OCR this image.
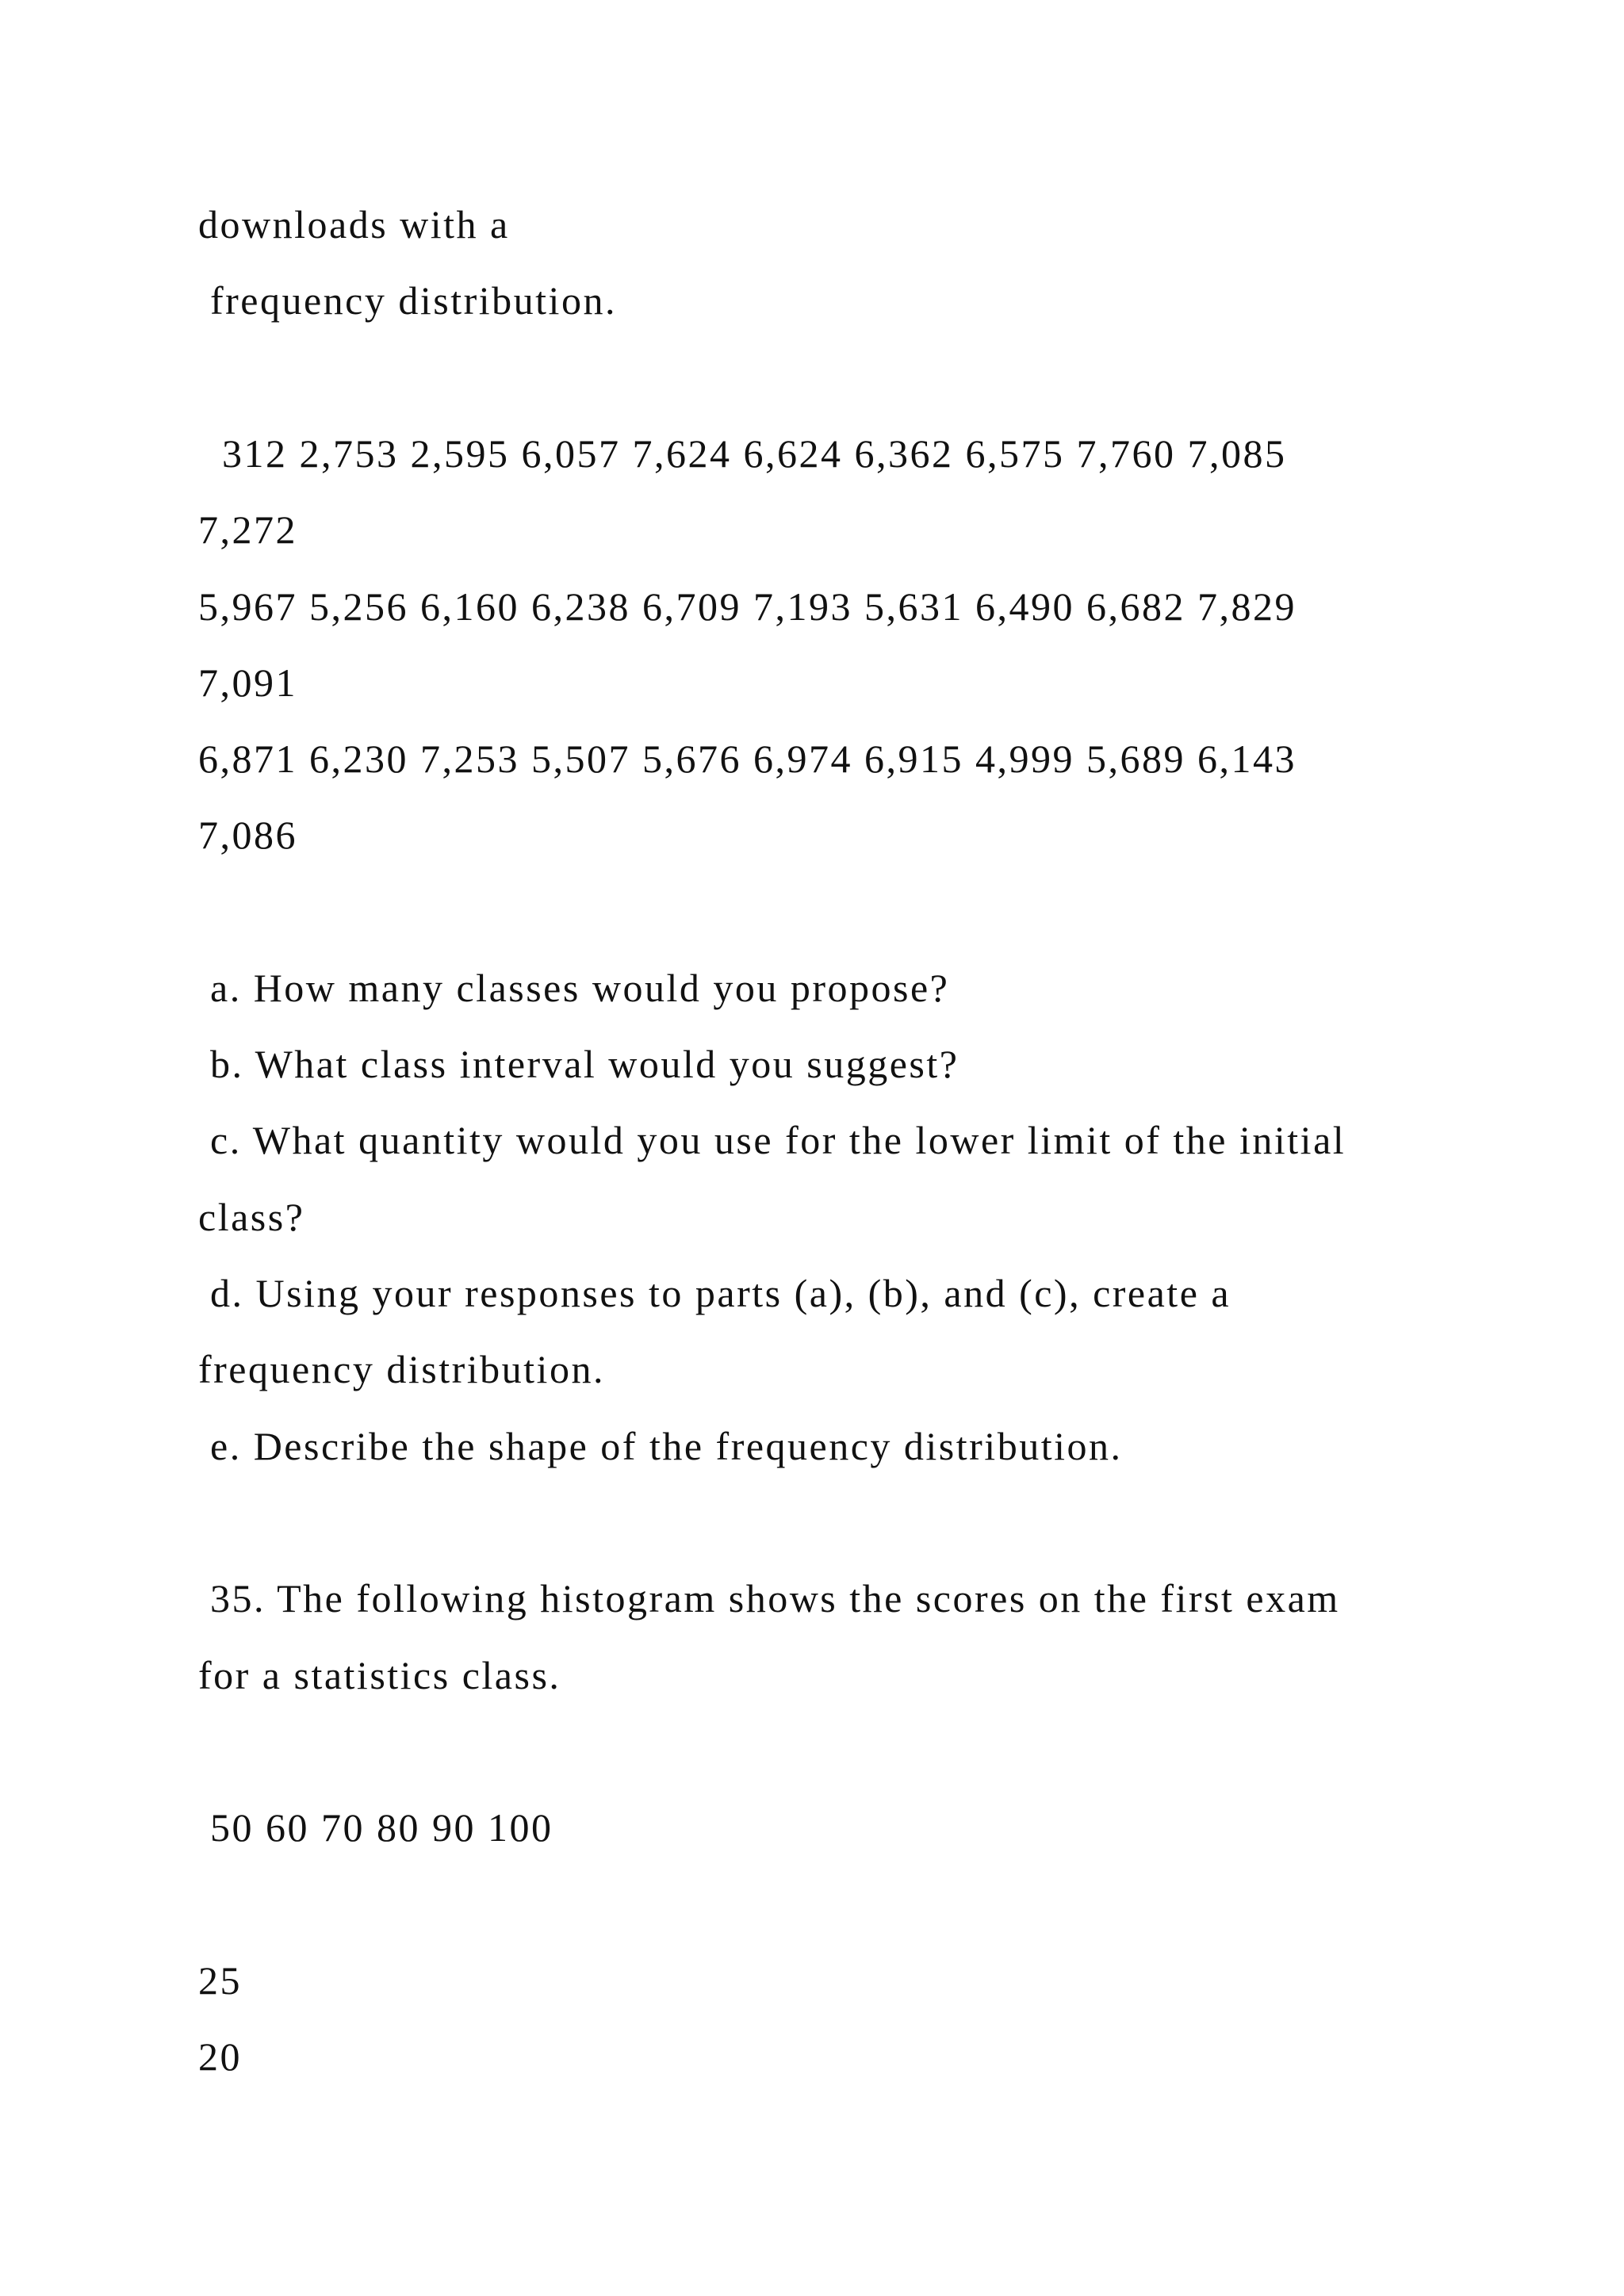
downloads with a

frequency distribution.

312 2,753 2,595 6,057 7,624 6,624 6,362 6,575 7,760 7,085

7,272

5,967 5,256 6,160 6,238 6,709 7,193 5,631 6,490 6,682 7,829

7,091

6,871 6,230 7,253 5,507 5,676 6,974 6,915 4,999 5,689 6,143

7,086

a. How many classes would you propose?

b. What class interval would you suggest?

c. What quantity would you use for the lower limit of the initial

class?

d. Using your responses to parts (a), (b), and (c), create a

frequency distribution.

e. Describe the shape of the frequency distribution.

35. The following histogram shows the scores on the first exam

for a statistics class.

50 60 70 80 90 100

25

20
